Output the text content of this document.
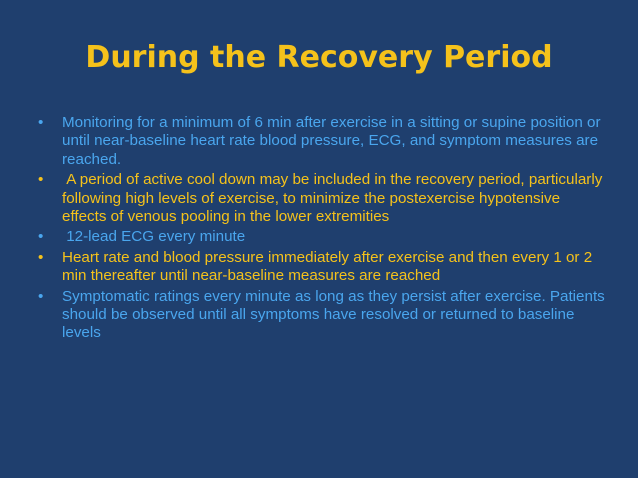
During the Recovery Period
•	Monitoring for a minimum of 6 min after exercise in a sitting or supine position or until near-baseline heart rate blood pressure, ECG, and symptom measures are reached.
•	A period of active cool down may be included in the recovery period, particularly following high levels of exercise, to minimize the postexercise hypotensive effects of venous pooling in the lower extremities
•	12-lead ECG every minute
•	Heart rate and blood pressure immediately after exercise and then every 1 or 2 min thereafter until near-baseline measures are reached
•	Symptomatic ratings every minute as long as they persist after exercise. Patients should be observed until all symptoms have resolved or returned to baseline levels
